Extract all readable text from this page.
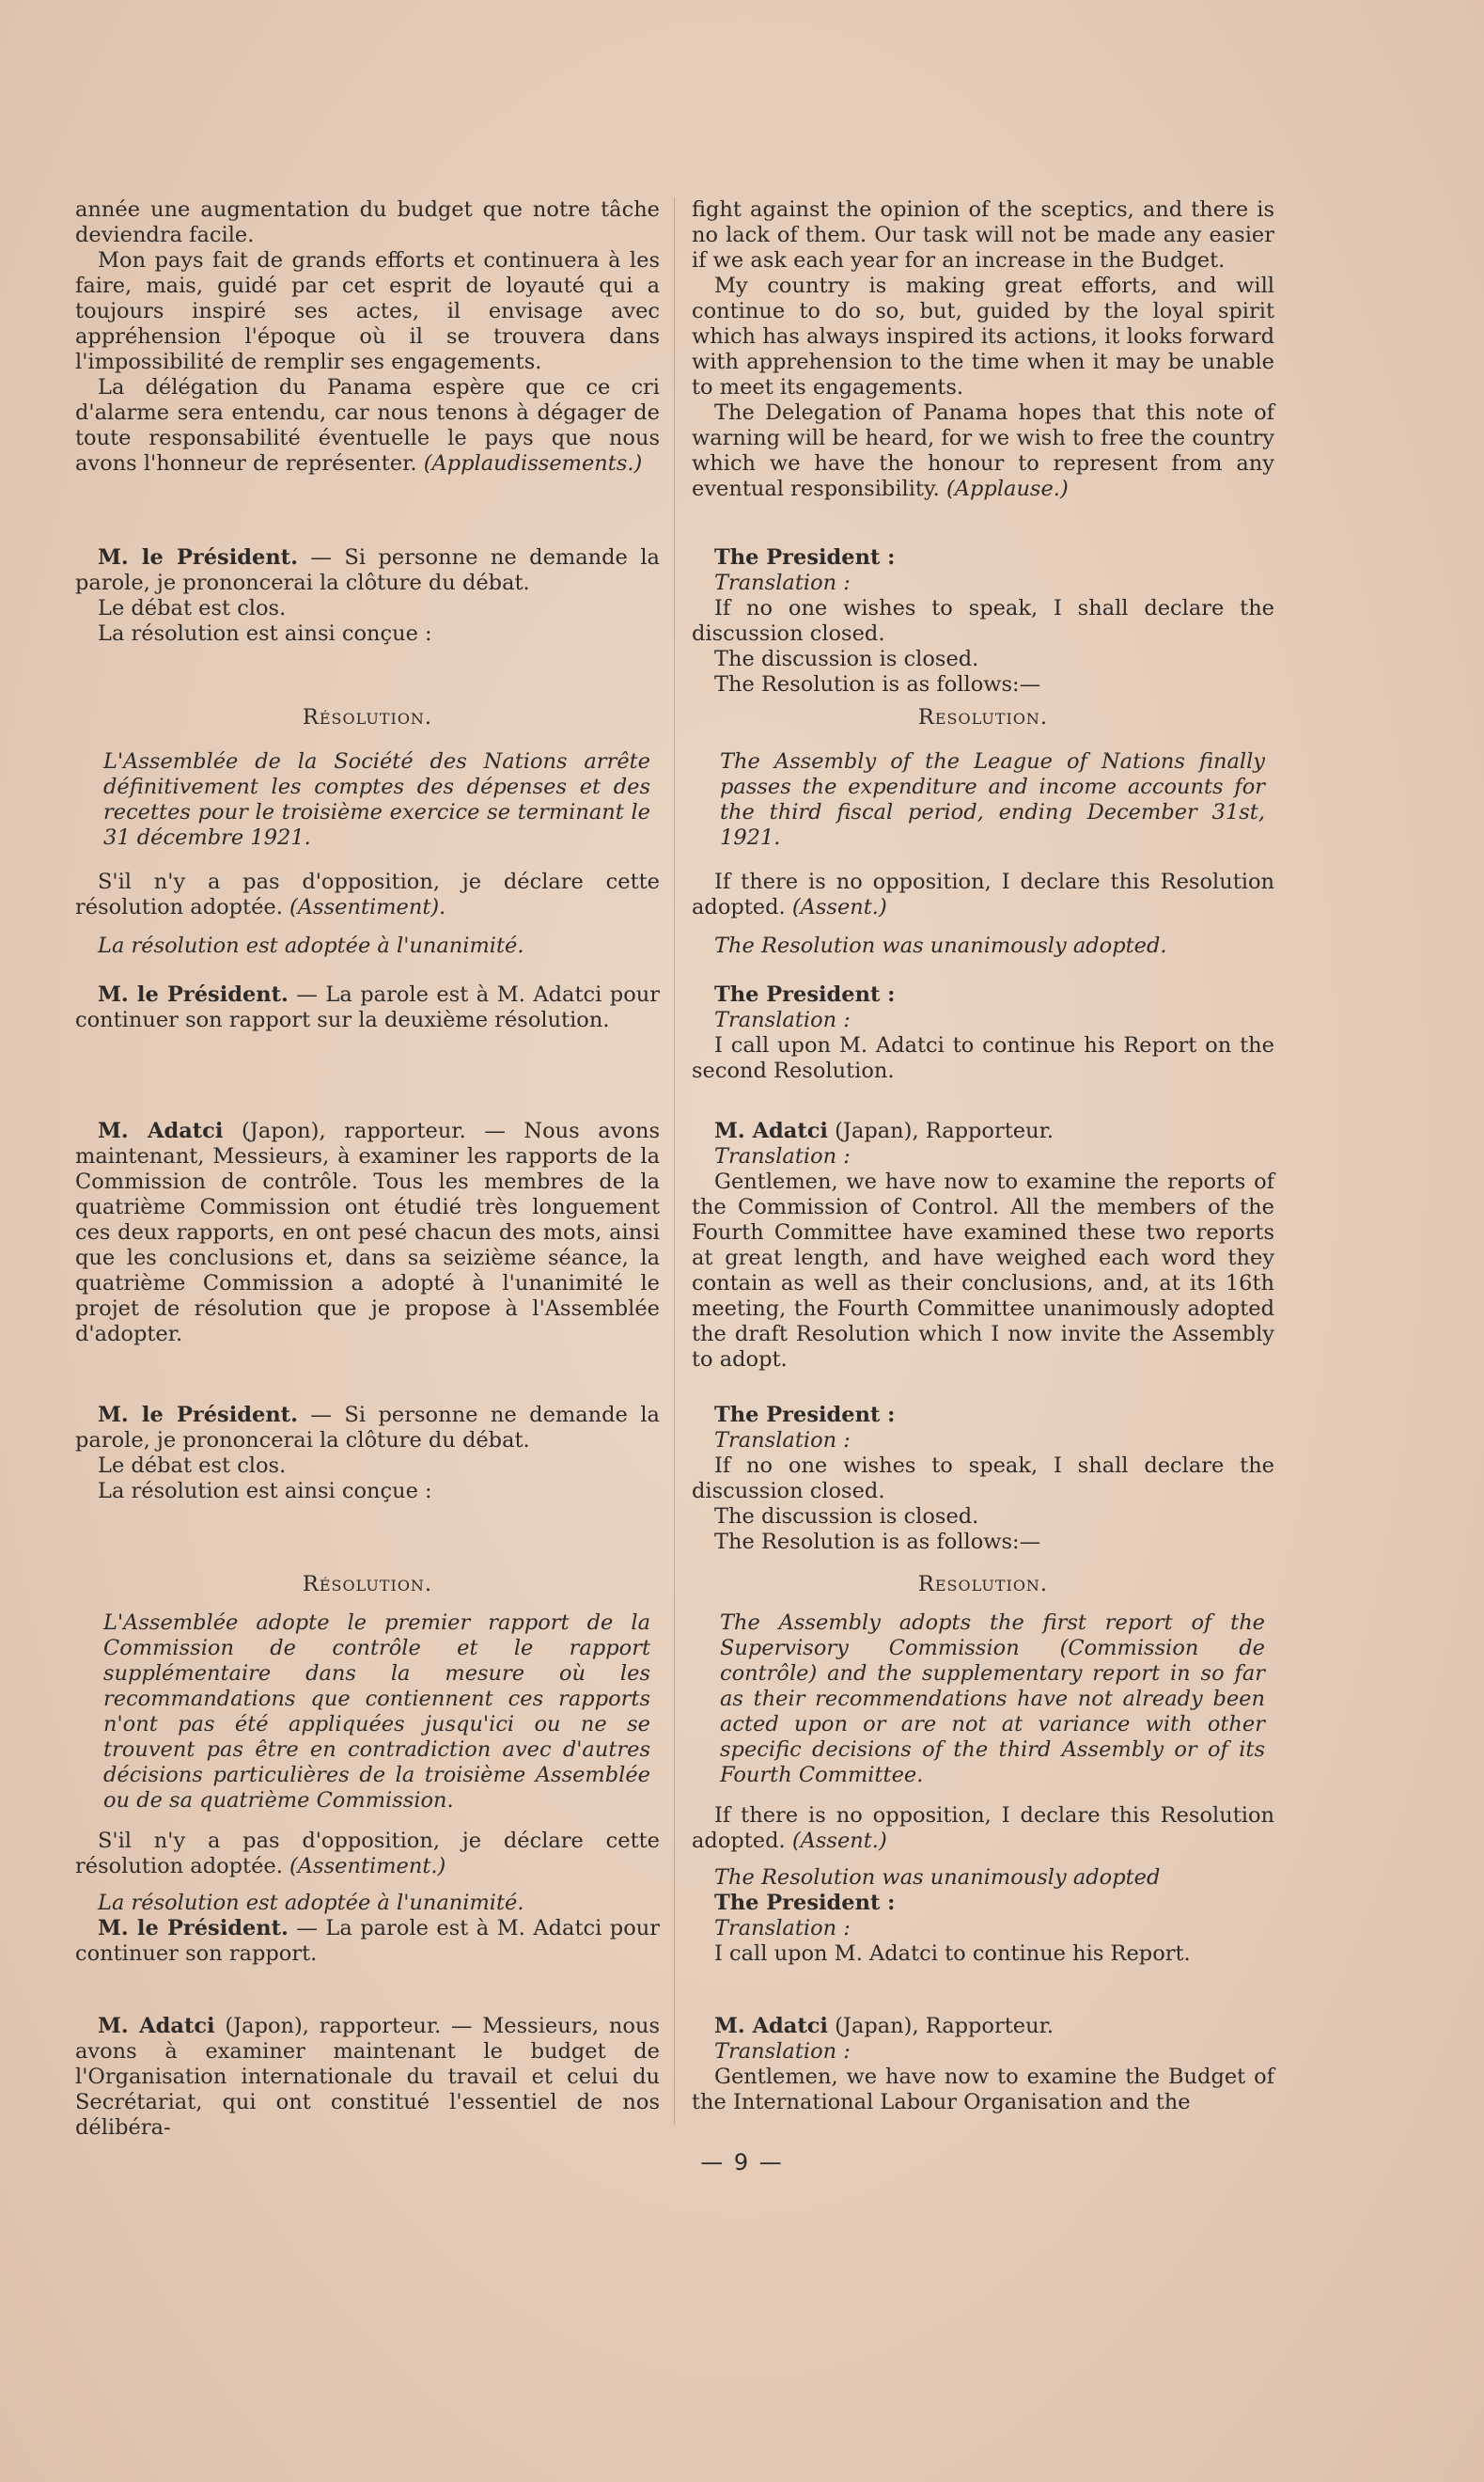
année une augmentation du budget que notre tâche deviendra facile.

Mon pays fait de grands efforts et continuera à les faire, mais, guidé par cet esprit de loyauté qui a toujours inspiré ses actes, il envisage avec appréhension l'époque où il se trouvera dans l'impossibilité de remplir ses engagements.

La délégation du Panama espère que ce cri d'alarme sera entendu, car nous tenons à dégager de toute responsabilité éventuelle le pays que nous avons l'honneur de représenter. (Applaudissements.)

M. le Président. — Si personne ne demande la parole, je prononcerai la clôture du débat.

Le débat est clos.

La résolution est ainsi conçue :

Résolution.

L'Assemblée de la Société des Nations arrête définitivement les comptes des dépenses et des recettes pour le troisième exercice se terminant le 31 décembre 1921.

S'il n'y a pas d'opposition, je déclare cette résolution adoptée. (Assentiment).

La résolution est adoptée à l'unanimité.

M. le Président. — La parole est à M. Adatci pour continuer son rapport sur la deuxième résolution.

M. Adatci (Japon), rapporteur. — Nous avons maintenant, Messieurs, à examiner les rapports de la Commission de contrôle. Tous les membres de la quatrième Commission ont étudié très longuement ces deux rapports, en ont pesé chacun des mots, ainsi que les conclusions et, dans sa seizième séance, la quatrième Commission a adopté à l'unanimité le projet de résolution que je propose à l'Assemblée d'adopter.

M. le Président. — Si personne ne demande la parole, je prononcerai la clôture du débat.

Le débat est clos.

La résolution est ainsi conçue :

Résolution.

L'Assemblée adopte le premier rapport de la Commission de contrôle et le rapport supplémentaire dans la mesure où les recommandations que contiennent ces rapports n'ont pas été appliquées jusqu'ici ou ne se trouvent pas être en contradiction avec d'autres décisions particulières de la troisième Assemblée ou de sa quatrième Commission.

S'il n'y a pas d'opposition, je déclare cette résolution adoptée. (Assentiment.)

La résolution est adoptée à l'unanimité.

M. le Président. — La parole est à M. Adatci pour continuer son rapport.

M. Adatci (Japon), rapporteur. — Messieurs, nous avons à examiner maintenant le budget de l'Organisation internationale du travail et celui du Secrétariat, qui ont constitué l'essentiel de nos délibéra-

fight against the opinion of the sceptics, and there is no lack of them. Our task will not be made any easier if we ask each year for an increase in the Budget.

My country is making great efforts, and will continue to do so, but, guided by the loyal spirit which has always inspired its actions, it looks forward with apprehension to the time when it may be unable to meet its engagements.

The Delegation of Panama hopes that this note of warning will be heard, for we wish to free the country which we have the honour to represent from any eventual responsibility. (Applause.)

The President :

Translation :

If no one wishes to speak, I shall declare the discussion closed.

The discussion is closed.

The Resolution is as follows:—

Resolution.

The Assembly of the League of Nations finally passes the expenditure and income accounts for the third fiscal period, ending December 31st, 1921.

If there is no opposition, I declare this Resolution adopted. (Assent.)

The Resolution was unanimously adopted.

The President :

Translation :

I call upon M. Adatci to continue his Report on the second Resolution.

M. Adatci (Japan), Rapporteur.

Translation :

Gentlemen, we have now to examine the reports of the Commission of Control. All the members of the Fourth Committee have examined these two reports at great length, and have weighed each word they contain as well as their conclusions, and, at its 16th meeting, the Fourth Committee unanimously adopted the draft Resolution which I now invite the Assembly to adopt.

The President :

Translation :

If no one wishes to speak, I shall declare the discussion closed.

The discussion is closed.

The Resolution is as follows:—

Resolution.

The Assembly adopts the first report of the Supervisory Commission (Commission de contrôle) and the supplementary report in so far as their recommendations have not already been acted upon or are not at variance with other specific decisions of the third Assembly or of its Fourth Committee.

If there is no opposition, I declare this Resolution adopted. (Assent.)

The Resolution was unanimously adopted

The President :

Translation :

I call upon M. Adatci to continue his Report.

M. Adatci (Japan), Rapporteur.

Translation :

Gentlemen, we have now to examine the Budget of the International Labour Organisation and the

— 9 —
